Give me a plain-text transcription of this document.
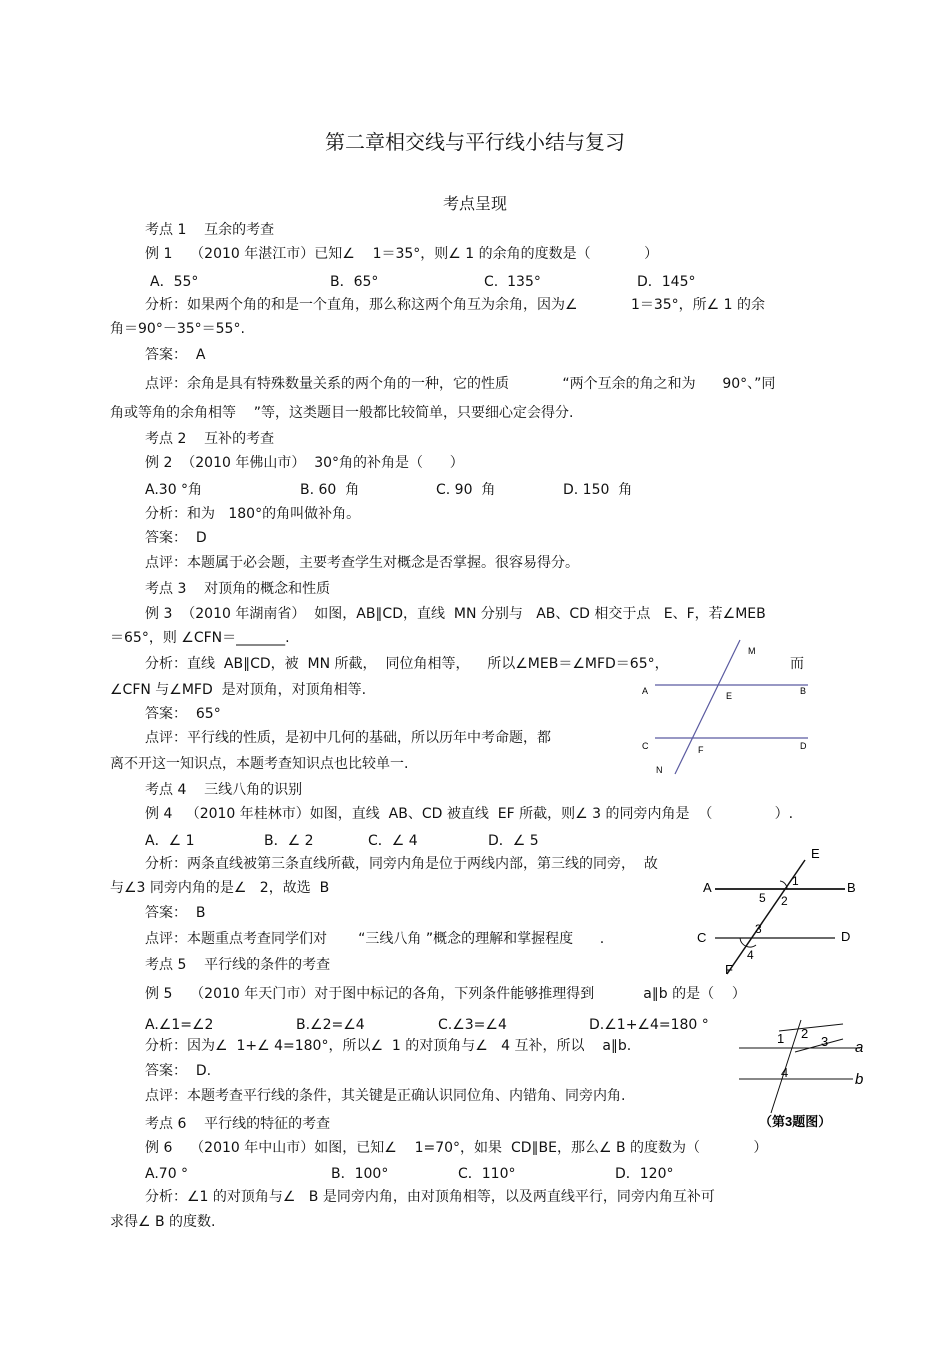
第二章相交线与平行线小结与复习
考点呈现
考点 1    互余的考查
例 1    （2010 年湛江市）已知∠    1＝35°，则∠ 1 的余角的度数是（            ）
A．55°	B．65°	C.  135°	D．145°
分析：如果两个角的和是一个直角，那么称这两个角互为余角，因为∠            1＝35°，所∠ 1 的余
角＝90°－35°＝55°.
答案：  A
点评：余角是具有特殊数量关系的两个角的一种，它的性质            “两个互余的角之和为      90°、”同
角或等角的余角相等    ”等，这类题目一般都比较简单，只要细心定会得分.
考点 2    互补的考查
例 2  （2010 年佛山市）  30°角的补角是（      ）
A.30 °角	B. 60  角	C. 90  角	D. 150  角
分析：和为   180°的角叫做补角。
答案：  D
点评：本题属于必会题，主要考查学生对概念是否掌握。很容易得分。
考点 3    对顶角的概念和性质
例 3  （2010 年湖南省）  如图，AB∥CD，直线  MN 分别与   AB、CD 相交于点   E、F，若∠MEB
＝65°，则 ∠CFN＝_______.
分析：直线  AB∥CD，被  MN 所截，  同位角相等，    所以∠MEB＝∠MFD＝65°，	而
∠CFN 与∠MFD  是对顶角，对顶角相等.
答案：  65°
点评：平行线的性质，是初中几何的基础，所以历年中考命题，都
离不开这一知识点，本题考查知识点也比较单一.
考点 4    三线八角的识别
例 4   （2010 年桂林市）如图，直线  AB、CD 被直线  EF 所截，则∠ 3 的同旁内角是  （              ）.
A．∠ 1	B．∠ 2	C．∠ 4	D．∠ 5
分析：两条直线被第三条直线所截，同旁内角是位于两线内部，第三线的同旁，  故
与∠3 同旁内角的是∠   2，故选  B
答案：  B
点评：本题重点考查同学们对       “三线八角 ”概念的理解和掌握程度      .
考点 5    平行线的条件的考查
例 5    （2010 年天门市）对于图中标记的各角，下列条件能够推理得到           a∥b 的是（    ）
A.∠1=∠2	B.∠2=∠4	C.∠3=∠4	D.∠1+∠4=180 °
分析：因为∠  1+∠ 4=180°，所以∠  1 的对顶角与∠   4 互补，所以    a∥b.
答案：  D.
点评：本题考查平行线的条件，其关键是正确认识同位角、内错角、同旁内角.
考点 6    平行线的特征的考查
例 6    （2010 年中山市）如图，已知∠    1=70°，如果  CD∥BE，那么∠ B 的度数为（            ）
A.70 °	B．100°	C．110°	D．120°
分析：∠1 的对顶角与∠   B 是同旁内角，由对顶角相等，以及两直线平行，同旁内角互补可
求得∠ B 的度数.
M
A	E	B
C	F	D
N
E
A	B
1
5 2
C	D
3
4
F
1 2
3 a
4	b
（第3题图）
